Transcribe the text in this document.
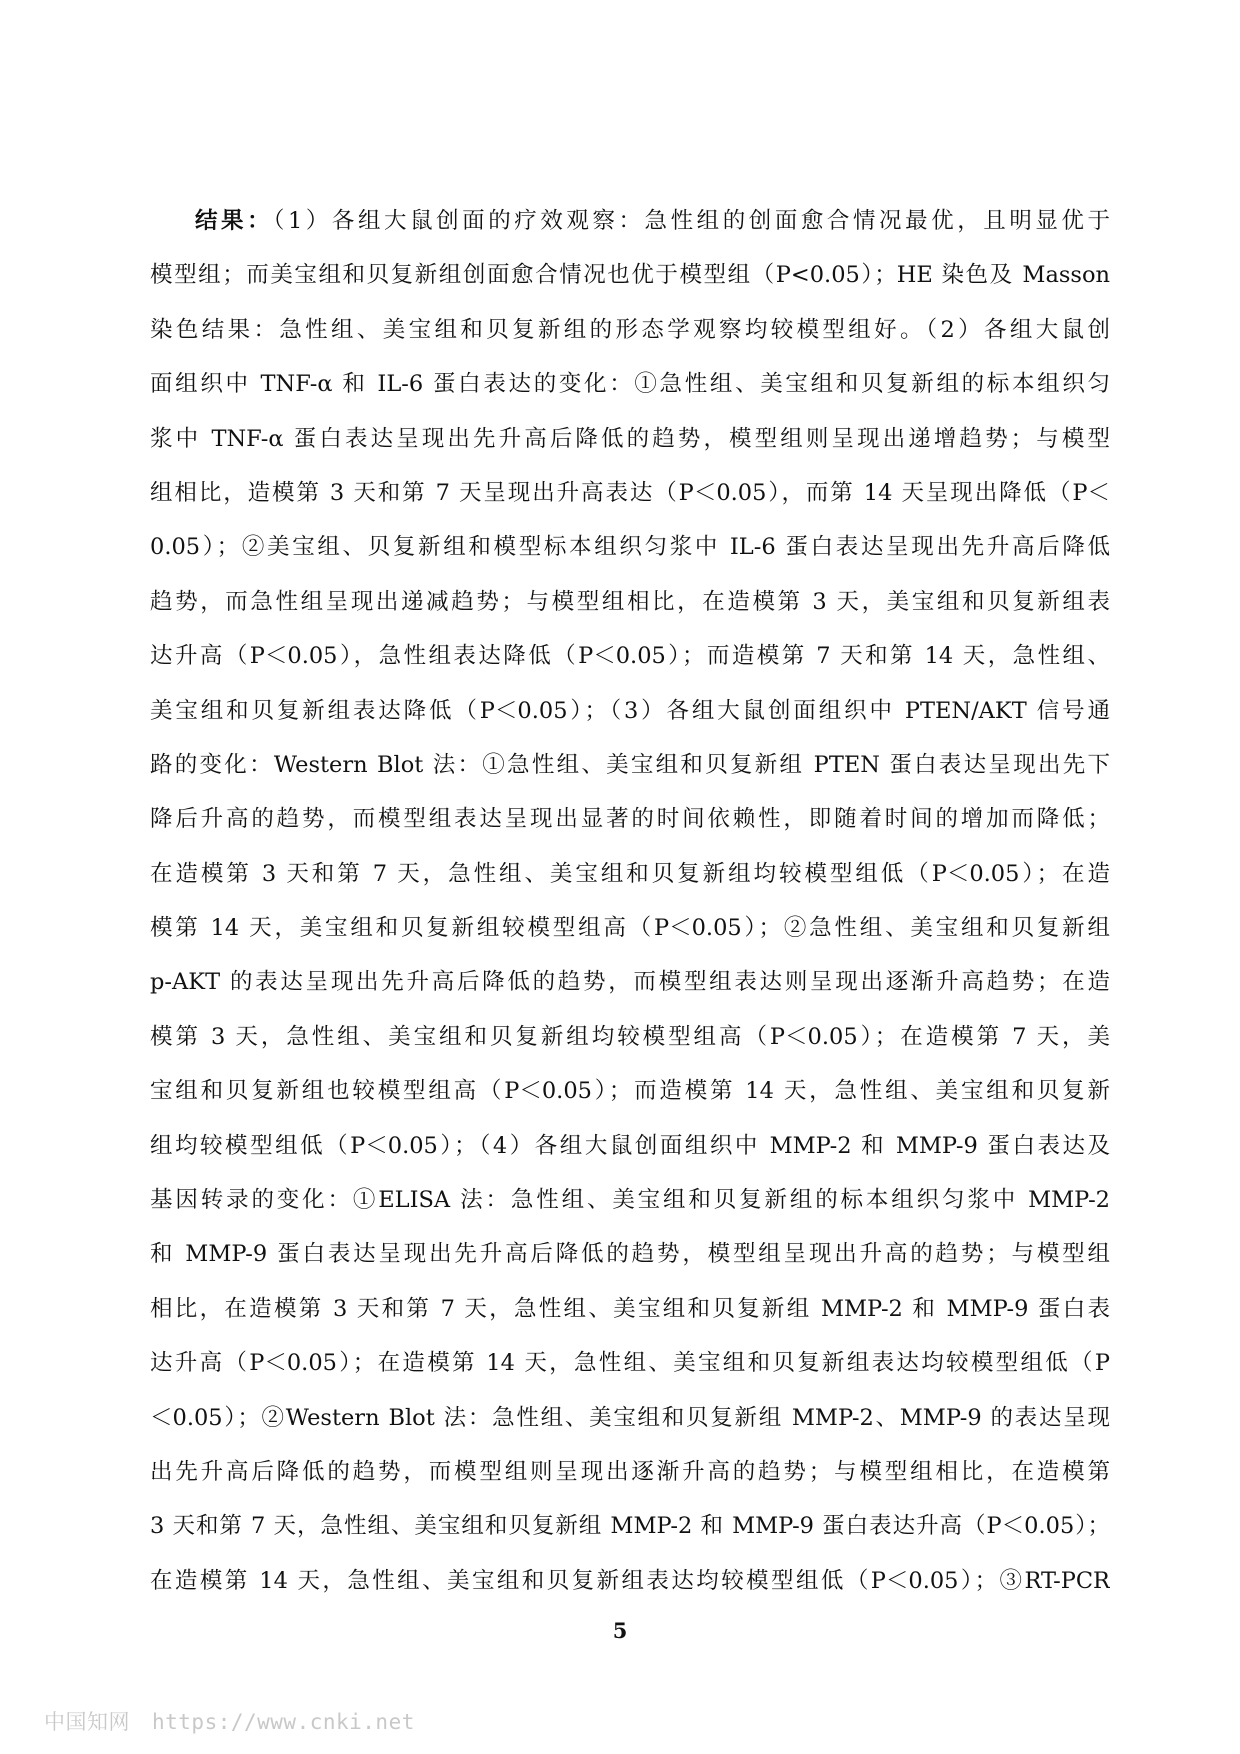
结果：（1）各组大鼠创面的疗效观察：急性组的创面愈合情况最优，且明显优于
模型组；而美宝组和贝复新组创面愈合情况也优于模型组（P<0.05）；HE 染色及 Masson
染色结果：急性组、美宝组和贝复新组的形态学观察均较模型组好。（2）各组大鼠创
面组织中 TNF-α 和 IL-6 蛋白表达的变化：①急性组、美宝组和贝复新组的标本组织匀
浆中 TNF-α 蛋白表达呈现出先升高后降低的趋势，模型组则呈现出递增趋势；与模型
组相比，造模第 3 天和第 7 天呈现出升高表达（P＜0.05），而第 14 天呈现出降低（P＜
0.05）；②美宝组、贝复新组和模型标本组织匀浆中 IL-6 蛋白表达呈现出先升高后降低
趋势，而急性组呈现出递减趋势；与模型组相比，在造模第 3 天，美宝组和贝复新组表
达升高（P＜0.05），急性组表达降低（P＜0.05）；而造模第 7 天和第 14 天，急性组、
美宝组和贝复新组表达降低（P＜0.05）；（3）各组大鼠创面组织中 PTEN/AKT 信号通
路的变化：Western Blot 法：①急性组、美宝组和贝复新组 PTEN 蛋白表达呈现出先下
降后升高的趋势，而模型组表达呈现出显著的时间依赖性，即随着时间的增加而降低；
在造模第 3 天和第 7 天，急性组、美宝组和贝复新组均较模型组低（P＜0.05）；在造
模第 14 天，美宝组和贝复新组较模型组高（P＜0.05）；②急性组、美宝组和贝复新组
p-AKT 的表达呈现出先升高后降低的趋势，而模型组表达则呈现出逐渐升高趋势；在造
模第 3 天，急性组、美宝组和贝复新组均较模型组高（P＜0.05）；在造模第 7 天，美
宝组和贝复新组也较模型组高（P＜0.05）；而造模第 14 天，急性组、美宝组和贝复新
组均较模型组低（P＜0.05）；（4）各组大鼠创面组织中 MMP-2 和 MMP-9 蛋白表达及
基因转录的变化：①ELISA 法：急性组、美宝组和贝复新组的标本组织匀浆中 MMP-2
和 MMP-9 蛋白表达呈现出先升高后降低的趋势，模型组呈现出升高的趋势；与模型组
相比，在造模第 3 天和第 7 天，急性组、美宝组和贝复新组 MMP-2 和 MMP-9 蛋白表
达升高（P＜0.05）；在造模第 14 天，急性组、美宝组和贝复新组表达均较模型组低（P
＜0.05）；②Western Blot 法：急性组、美宝组和贝复新组 MMP-2、MMP-9 的表达呈现
出先升高后降低的趋势，而模型组则呈现出逐渐升高的趋势；与模型组相比，在造模第
3 天和第 7 天，急性组、美宝组和贝复新组 MMP-2 和 MMP-9 蛋白表达升高（P＜0.05）；
在造模第 14 天，急性组、美宝组和贝复新组表达均较模型组低（P＜0.05）；③RT-PCR
5
中国知网 https://www.cnki.net
